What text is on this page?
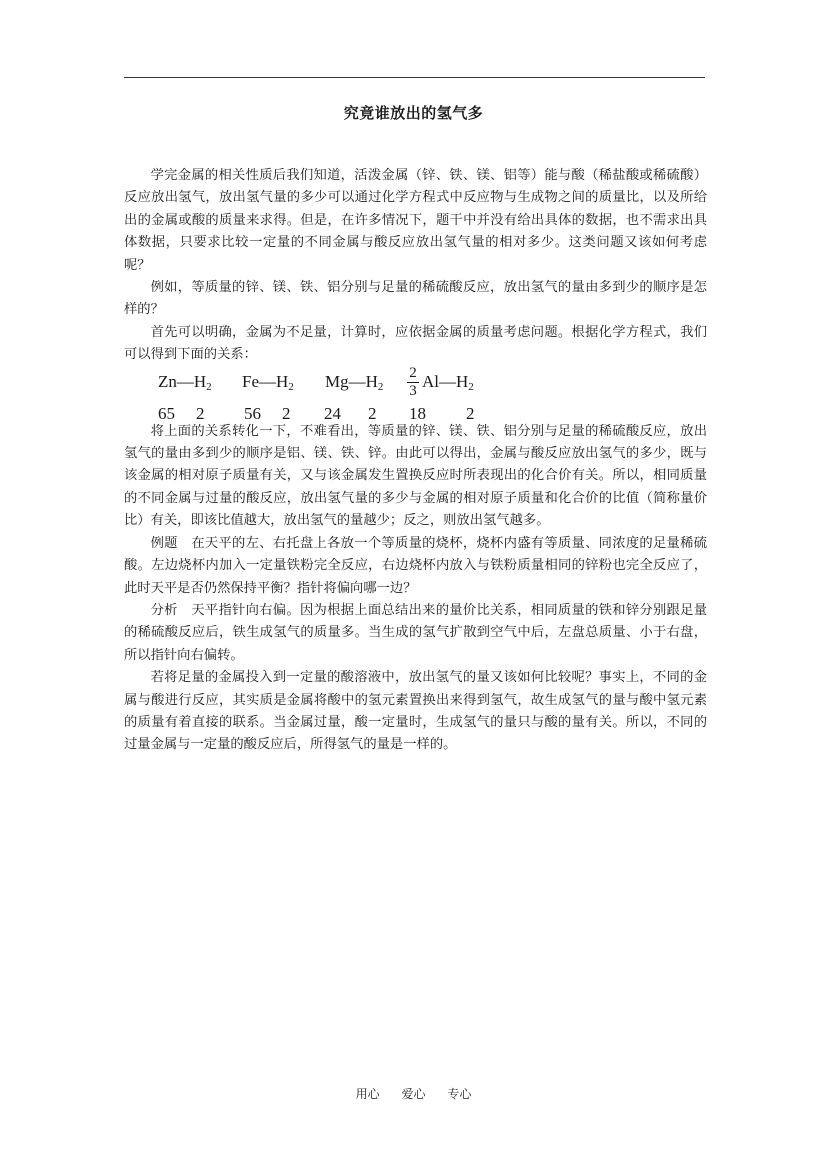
究竟谁放出的氢气多

学完金属的相关性质后我们知道，活泼金属（锌、铁、镁、铝等）能与酸（稀盐酸或稀硫酸）反应放出氢气，放出氢气量的多少可以通过化学方程式中反应物与生成物之间的质量比，以及所给出的金属或酸的质量来求得。但是，在许多情况下，题干中并没有给出具体的数据，也不需求出具体数据，只要求比较一定量的不同金属与酸反应放出氢气量的相对多少。这类问题又该如何考虑呢？

例如，等质量的锌、镁、铁、铝分别与足量的稀硫酸反应，放出氢气的量由多到少的顺序是怎样的？

首先可以明确，金属为不足量，计算时，应依据金属的质量考虑问题。根据化学方程式，我们可以得到下面的关系：

$Zn—H_2$ $Fe—H_2$ $Mg—H_2 \frac{2}{3}$ $Al—H_2$
65 2 56 2 24 2 18 2

将上面的关系转化一下，不难看出，等质量的锌、镁、铁、铝分别与足量的稀硫酸反应，放出氢气的量由多到少的顺序是铝、镁、铁、锌。由此可以得出，金属与酸反应放出氢气的多少，既与该金属的相对原子质量有关，又与该金属发生置换反应时所表现出的化合价有关。所以，相同质量的不同金属与过量的酸反应，放出氢气量的多少与金属的相对原子质量和化合价的比值（简称量价比）有关，即该比值越大，放出氢气的量越少；反之，则放出氢气越多。

例题　在天平的左、右托盘上各放一个等质量的烧杯，烧杯内盛有等质量、同浓度的足量稀硫酸。左边烧杯内加入一定量铁粉完全反应，右边烧杯内放入与铁粉质量相同的锌粉也完全反应了，此时天平是否仍然保持平衡？指针将偏向哪一边？

分析　天平指针向右偏。因为根据上面总结出来的量价比关系，相同质量的铁和锌分别跟足量的稀硫酸反应后，铁生成氢气的质量多。当生成的氢气扩散到空气中后，左盘总质量、小于右盘，所以指针向右偏转。

若将足量的金属投入到一定量的酸溶液中，放出氢气的量又该如何比较呢？事实上，不同的金属与酸进行反应，其实质是金属将酸中的氢元素置换出来得到氢气，故生成氢气的量与酸中氢元素的质量有着直接的联系。当金属过量，酸一定量时，生成氢气的量只与酸的量有关。所以，不同的过量金属与一定量的酸反应后，所得氢气的量是一样的。

用心 爱心 专心
